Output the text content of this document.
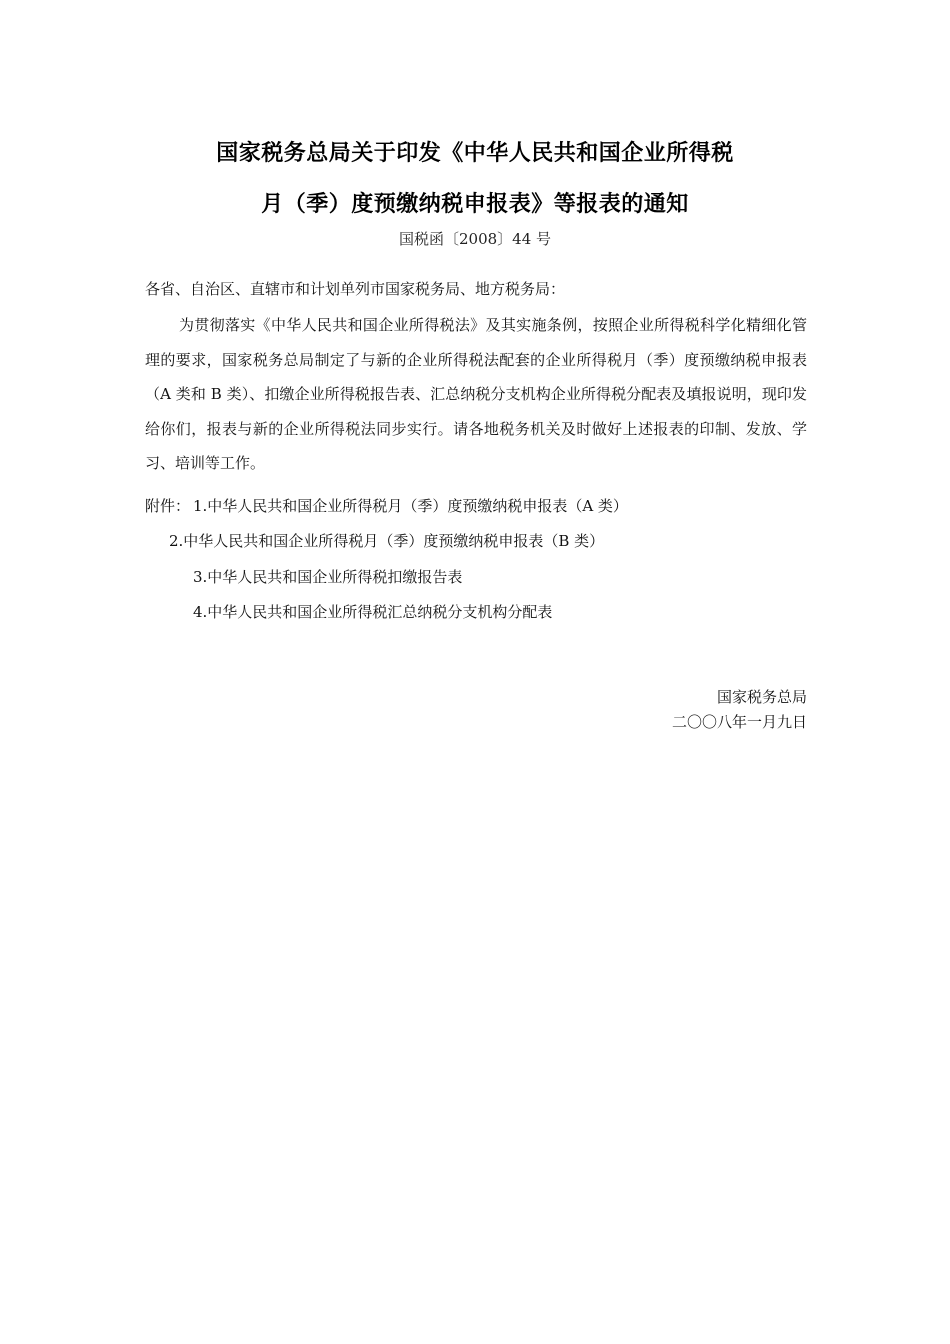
国家税务总局关于印发《中华人民共和国企业所得税
月（季）度预缴纳税申报表》等报表的通知
国税函〔2008〕44 号
各省、自治区、直辖市和计划单列市国家税务局、地方税务局：

为贯彻落实《中华人民共和国企业所得税法》及其实施条例，按照企业所得税科学化精细化管理的要求，国家税务总局制定了与新的企业所得税法配套的企业所得税月（季）度预缴纳税申报表（A 类和 B 类）、扣缴企业所得税报告表、汇总纳税分支机构企业所得税分配表及填报说明，现印发给你们，报表与新的企业所得税法同步实行。请各地税务机关及时做好上述报表的印制、发放、学习、培训等工作。

附件： 1.中华人民共和国企业所得税月（季）度预缴纳税申报表（A 类）
2.中华人民共和国企业所得税月（季）度预缴纳税申报表（B 类）
3.中华人民共和国企业所得税扣缴报告表
4.中华人民共和国企业所得税汇总纳税分支机构分配表
国家税务总局
二〇〇八年一月九日
